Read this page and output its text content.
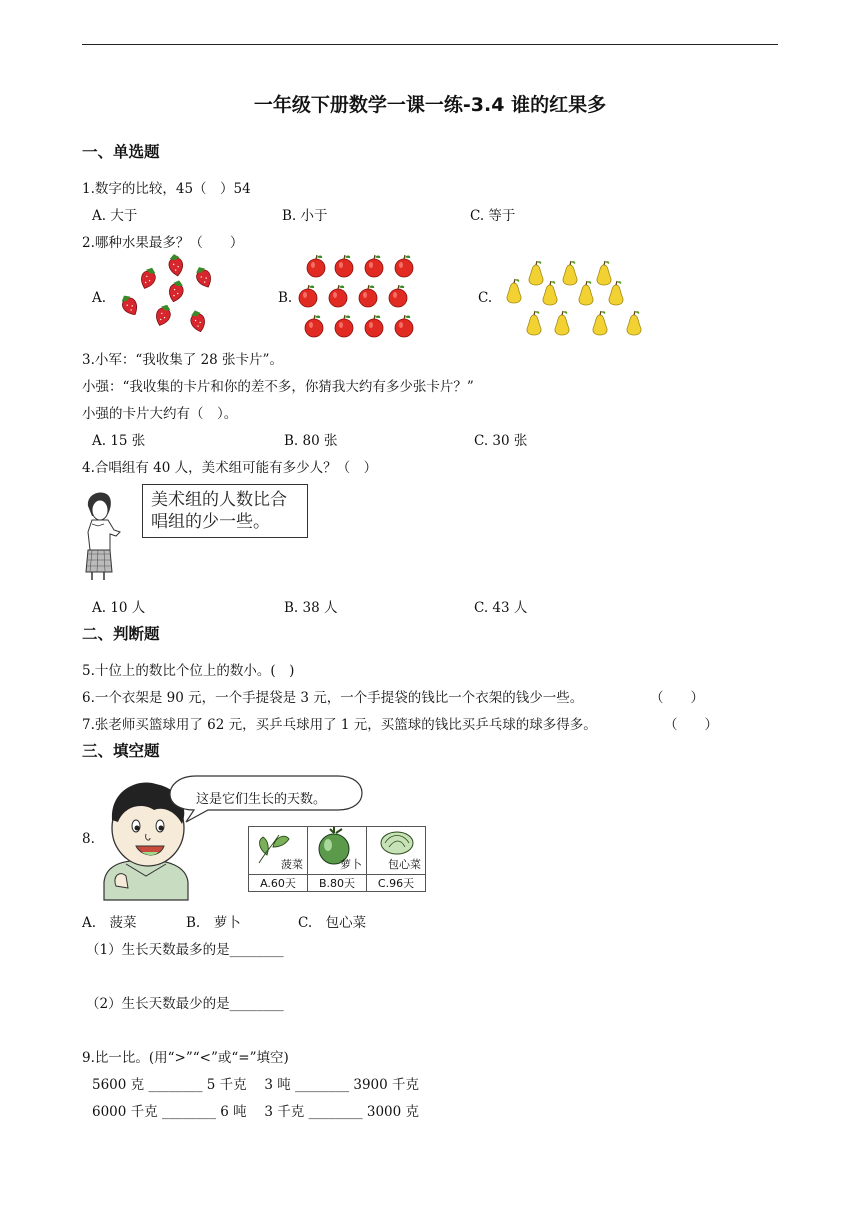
一年级下册数学一课一练-3.4 谁的红果多
一、单选题
1.数字的比较，45（　）54
A. 大于	B. 小于	C. 等于
2.哪种水果最多？（　　）
A.	B.	C.
3.小军：“我收集了 28 张卡片”。
小强：“我收集的卡片和你的差不多，你猜我大约有多少张卡片？”
小强的卡片大约有（　）。
A. 15 张	B. 80 张	C. 30 张
4.合唱组有 40 人，美术组可能有多少人？（　）
美术组的人数比合
唱组的少一些。
A. 10 人	B. 38 人	C. 43 人
二、判断题
5.十位上的数比个位上的数小。(　)
6.一个衣架是 90 元，一个手提袋是 3 元，一个手提袋的钱比一个衣架的钱少一些。	（　　）
7.张老师买篮球用了 62 元，买乒乓球用了 1 元，买篮球的钱比买乒乓球的球多得多。	（　　）
三、填空题
8.
这是它们生长的天数。
菠菜	萝卜	包心菜

A.60天	B.80天	C.96天
A.　菠菜	B.　萝卜	C.　包心菜
（1）生长天数最多的是________
（2）生长天数最少的是________
9.比一比。(用“>”“<”或“=”填空)
5600 克 ________ 5 千克　 3 吨 ________ 3900 千克
6000 千克 ________ 6 吨　 3 千克 ________ 3000 克
